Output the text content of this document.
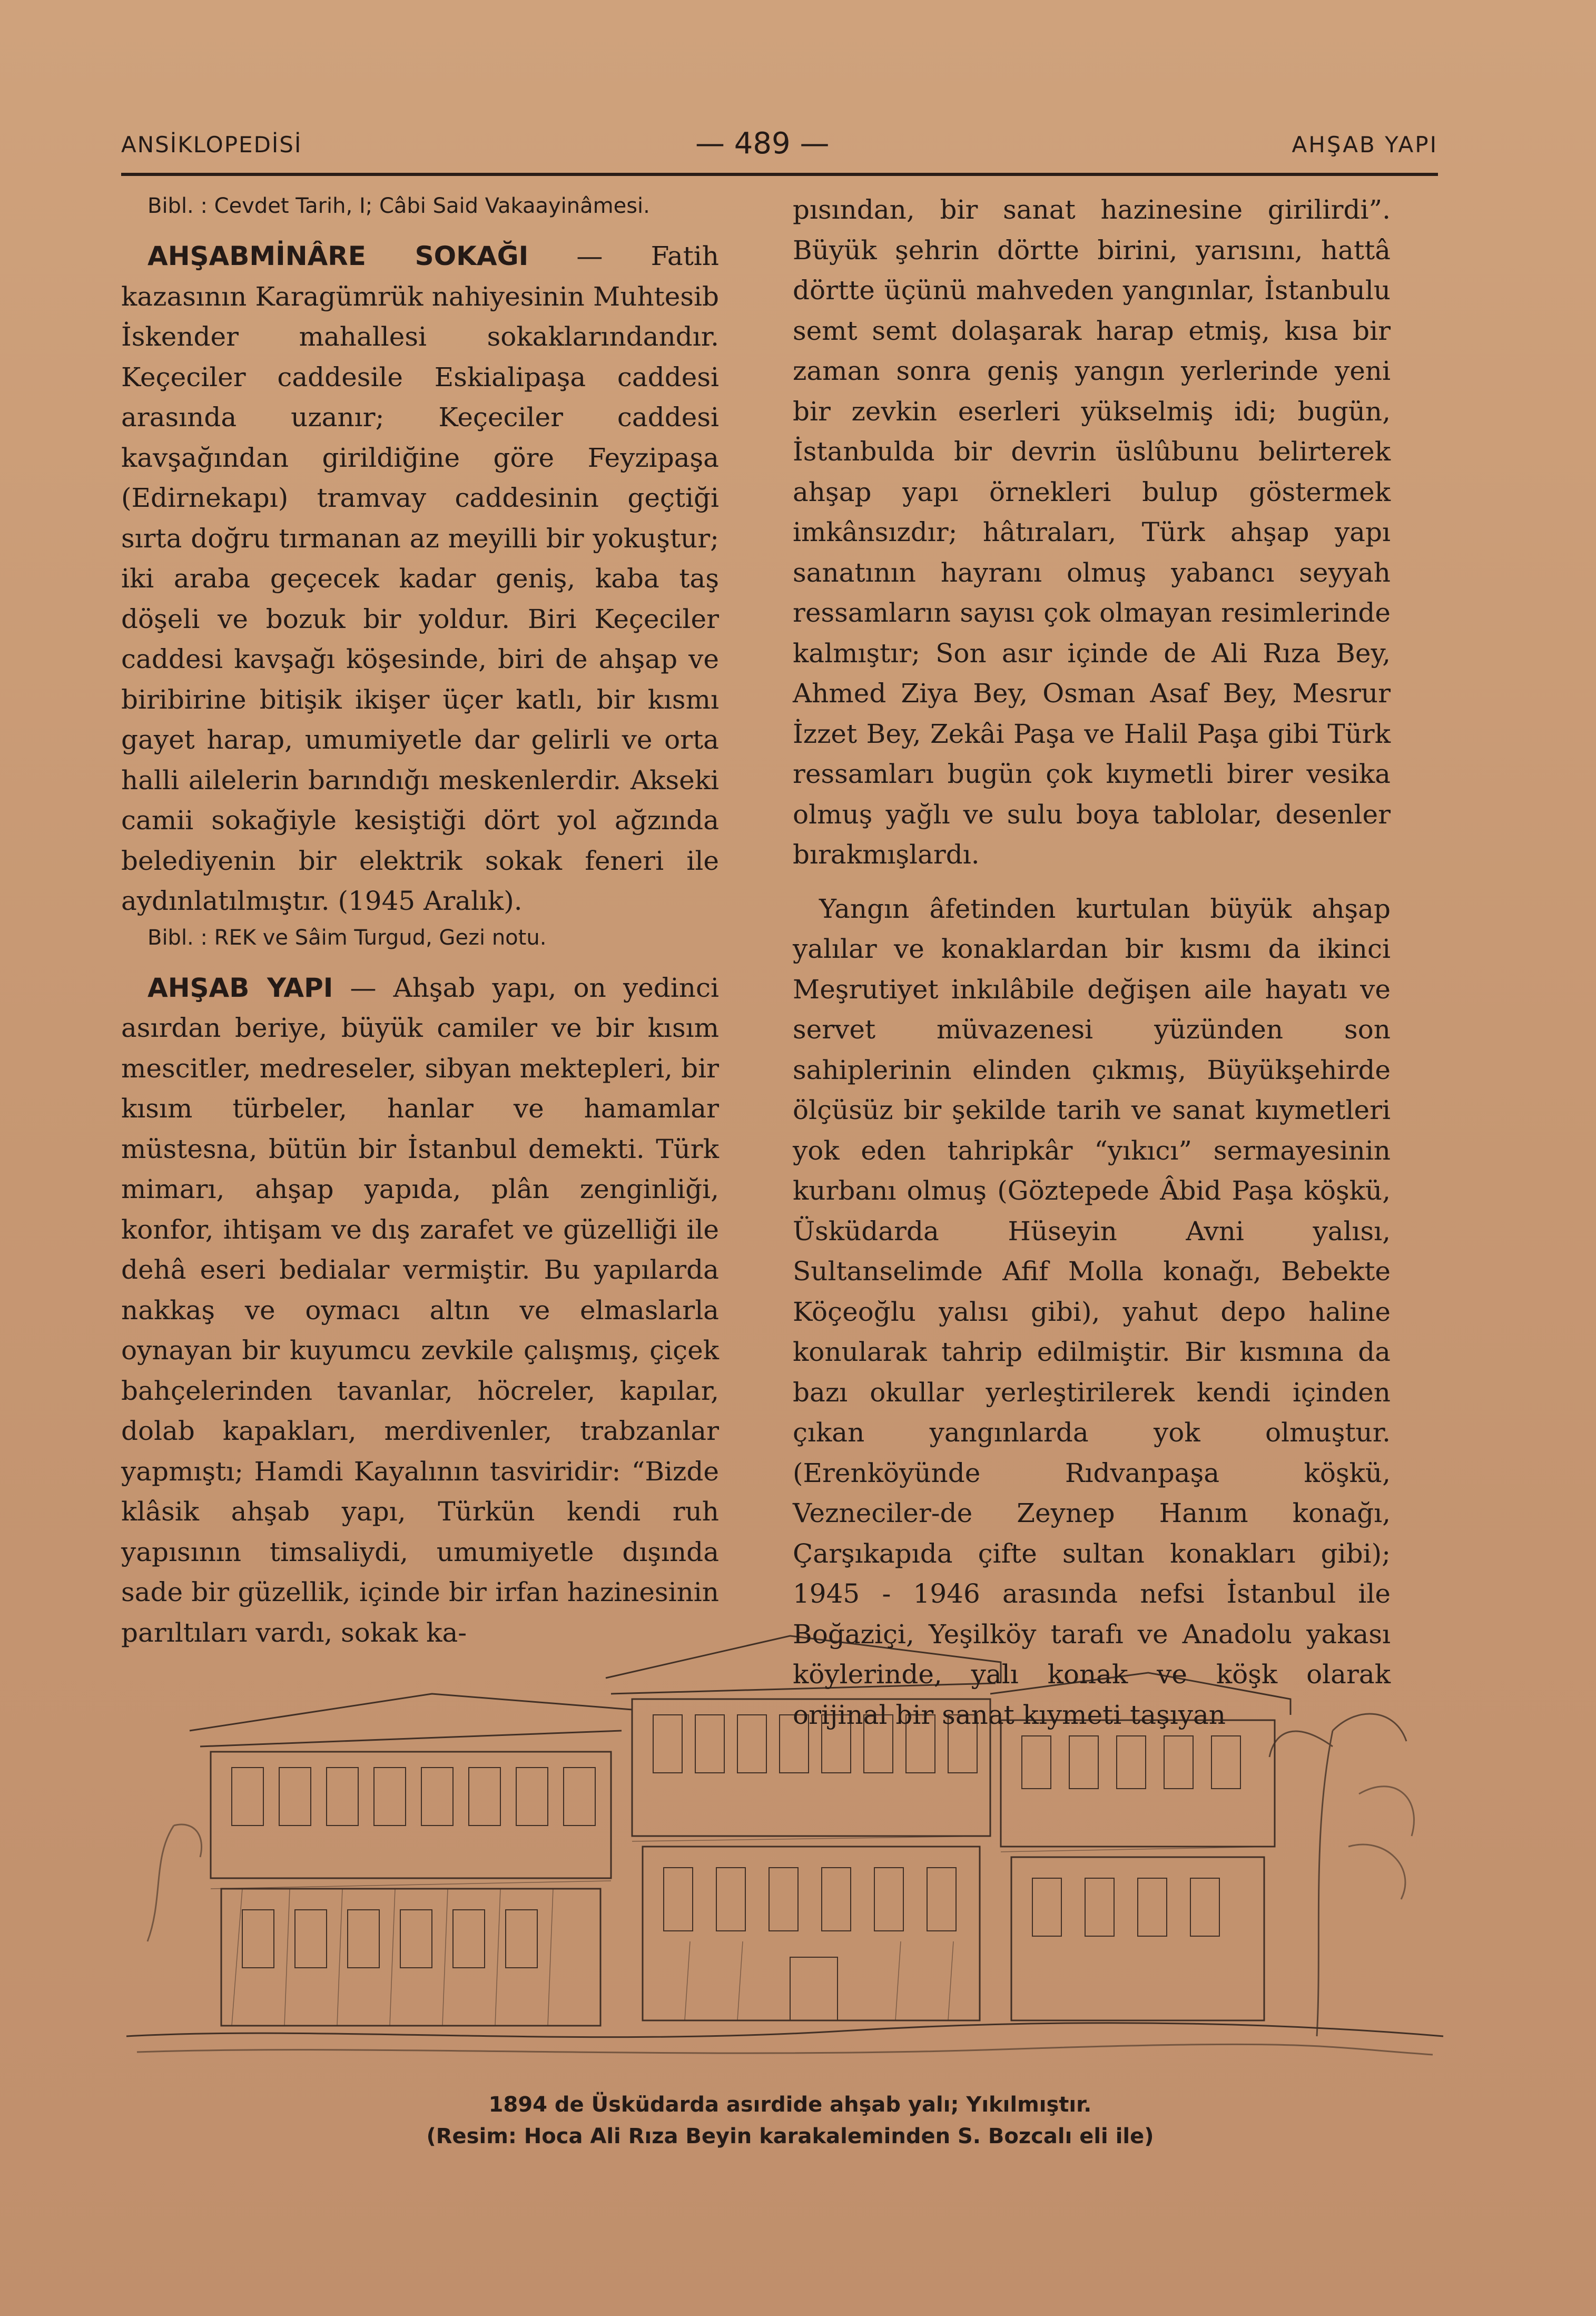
ANSİKLOPEDİSİ	— 489 —	AHŞAB YAPI

Bibl. : Cevdet Tarih, I; Câbi Said Vakaayinâmesi.

AHŞABMİNÂRE SOKAĞI — Fatih kazasının Karagümrük nahiyesinin Muhtesib İskender mahallesi sokaklarındandır. Keçeciler caddesile Eskialipaşa caddesi arasında uzanır; Keçeciler caddesi kavşağından girildiğine göre Feyzipaşa (Edirnekapı) tramvay caddesinin geçtiği sırta doğru tırmanan az meyilli bir yokuştur; iki araba geçecek kadar geniş, kaba taş döşeli ve bozuk bir yoldur. Biri Keçeciler caddesi kavşağı köşesinde, biri de ahşap ve biribirine bitişik ikişer üçer katlı, bir kısmı gayet harap, umumiyetle dar gelirli ve orta halli ailelerin barındığı meskenlerdir. Akseki camii sokağiyle kesiştiği dört yol ağzında belediyenin bir elektrik sokak feneri ile aydınlatılmıştır. (1945 Aralık).

Bibl. : REK ve Sâim Turgud, Gezi notu.

AHŞAB YAPI — Ahşab yapı, on yedinci asırdan beriye, büyük camiler ve bir kısım mescitler, medreseler, sibyan mektepleri, bir kısım türbeler, hanlar ve hamamlar müstesna, bütün bir İstanbul demekti. Türk mimarı, ahşap yapıda, plân zenginliği, konfor, ihtişam ve dış zarafet ve güzelliği ile dehâ eseri bedialar vermiştir. Bu yapılarda nakkaş ve oymacı altın ve elmaslarla oynayan bir kuyumcu zevkile çalışmış, çiçek bahçelerinden tavanlar, höcreler, kapılar, dolab kapakları, merdivenler, trabzanlar yapmıştı; Hamdi Kayalının tasviridir: “Bizde klâsik ahşab yapı, Türkün kendi ruh yapısının timsaliydi, umumiyetle dışında sade bir güzellik, içinde bir irfan hazinesinin parıltıları vardı, sokak ka-

pısından, bir sanat hazinesine girilirdi”. Büyük şehrin dörtte birini, yarısını, hattâ dörtte üçünü mahveden yangınlar, İstanbulu semt semt dolaşarak harap etmiş, kısa bir zaman sonra geniş yangın yerlerinde yeni bir zevkin eserleri yükselmiş idi; bugün, İstanbulda bir devrin üslûbunu belirterek ahşap yapı örnekleri bulup göstermek imkânsızdır; hâtıraları, Türk ahşap yapı sanatının hayranı olmuş yabancı seyyah ressamların sayısı çok olmayan resimlerinde kalmıştır; Son asır içinde de Ali Rıza Bey, Ahmed Ziya Bey, Osman Asaf Bey, Mesrur İzzet Bey, Zekâi Paşa ve Halil Paşa gibi Türk ressamları bugün çok kıymetli birer vesika olmuş yağlı ve sulu boya tablolar, desenler bırakmışlardı.

Yangın âfetinden kurtulan büyük ahşap yalılar ve konaklardan bir kısmı da ikinci Meşrutiyet inkılâbile değişen aile hayatı ve servet müvazenesi yüzünden son sahiplerinin elinden çıkmış, Büyükşehirde ölçüsüz bir şekilde tarih ve sanat kıymetleri yok eden tahripkâr “yıkıcı” sermayesinin kurbanı olmuş (Göztepede Âbid Paşa köşkü, Üsküdarda Hüseyin Avni yalısı, Sultanselimde Afif Molla konağı, Bebekte Köçeoğlu yalısı gibi), yahut depo haline konularak tahrip edilmiştir. Bir kısmına da bazı okullar yerleştirilerek kendi içinden çıkan yangınlarda yok olmuştur. (Erenköyünde Rıdvanpaşa köşkü, Vezneciler-de Zeynep Hanım konağı, Çarşıkapıda çifte sultan konakları gibi); 1945 - 1946 arasında nefsi İstanbul ile Boğaziçi, Yeşilköy tarafı ve Anadolu yakası köylerinde, yalı konak ve köşk olarak orijinal bir sanat kıymeti taşıyan

1894 de Üsküdarda asırdide ahşab yalı; Yıkılmıştır.
(Resim: Hoca Ali Rıza Beyin karakaleminden S. Bozcalı eli ile)
